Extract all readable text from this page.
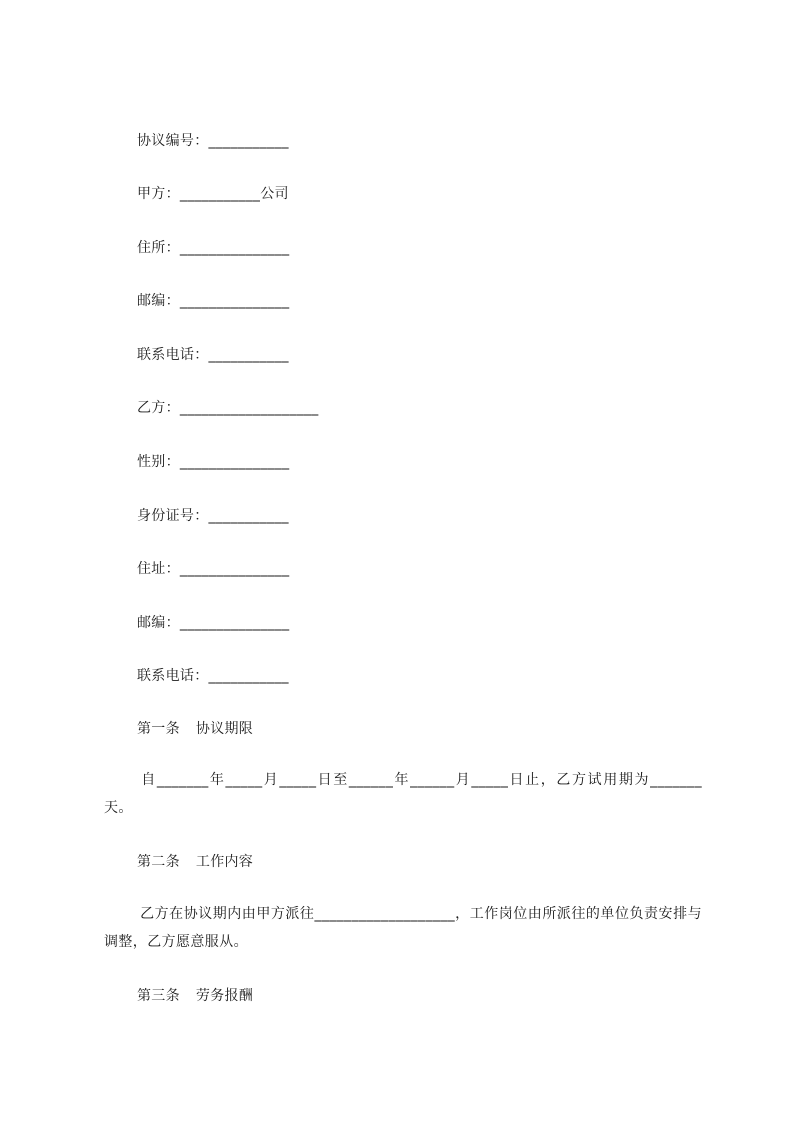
协议编号：___________
甲方：___________公司
住所：_______________
邮编：_______________
联系电话：___________
乙方：___________________
性别：_______________
身份证号：___________
住址：_______________
邮编：_______________
联系电话：___________
第一条 协议期限
自_______年_____月_____日至______年______月_____日止，乙方试用期为_______天。
第二条 工作内容
乙方在协议期内由甲方派往___________________，工作岗位由所派往的单位负责安排与调整，乙方愿意服从。
第三条 劳务报酬
